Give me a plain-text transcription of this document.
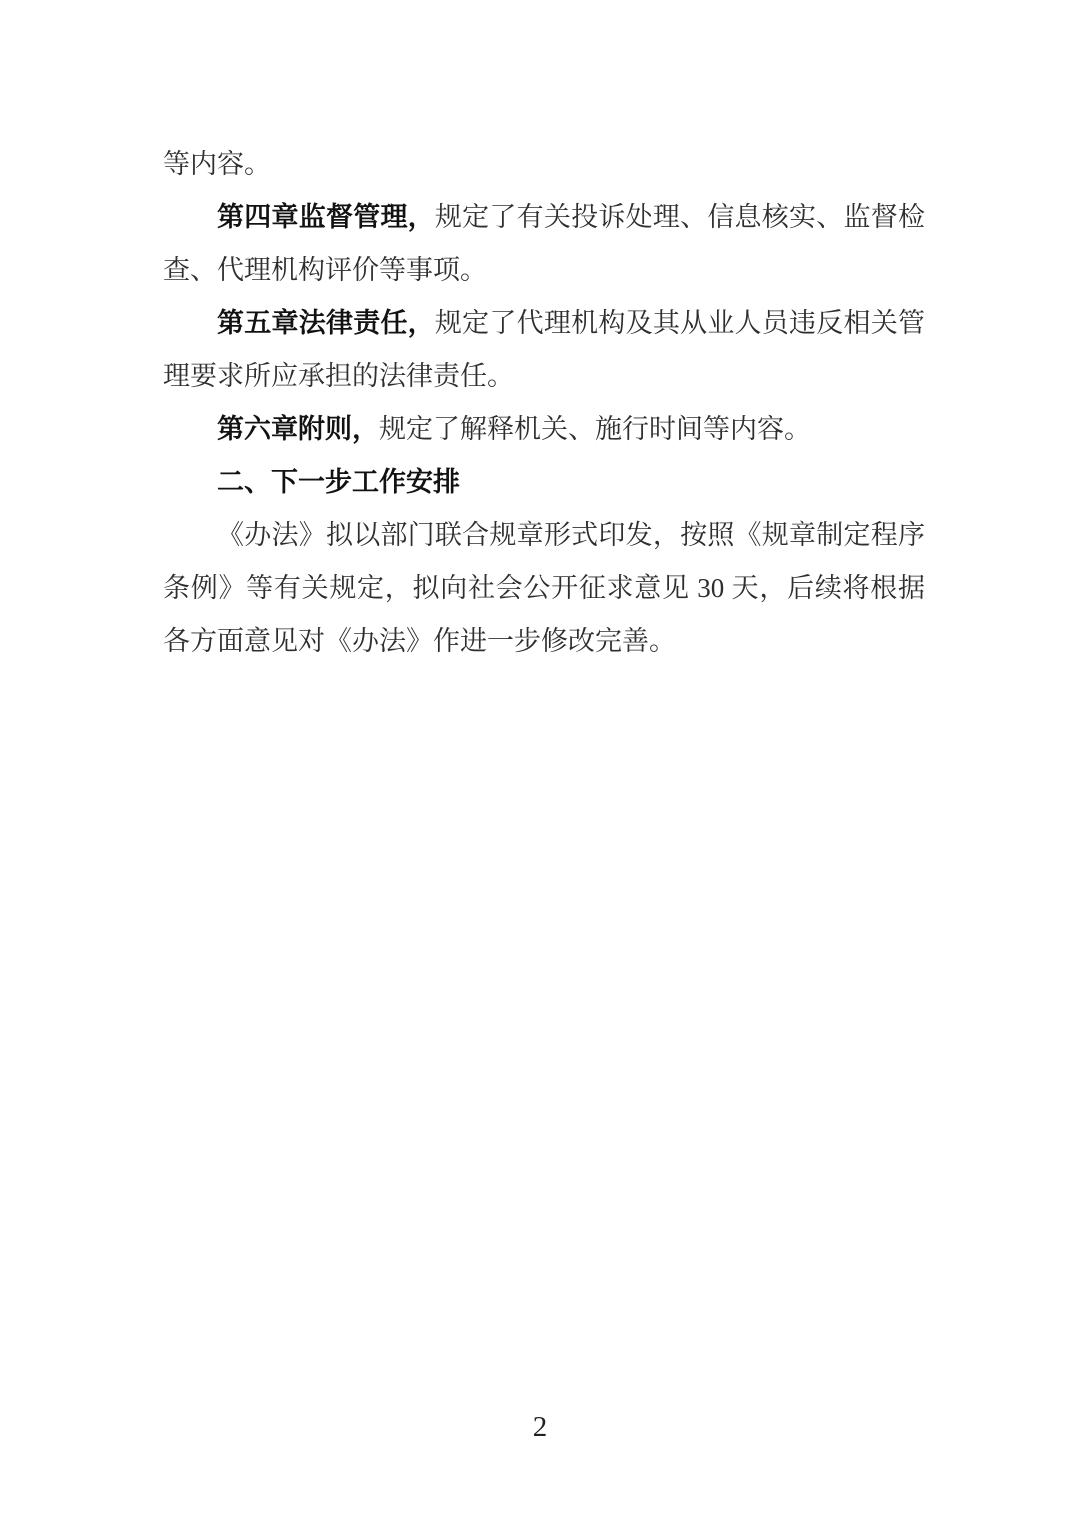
等内容。
第四章监督管理，规定了有关投诉处理、信息核实、监督检
查、代理机构评价等事项。
第五章法律责任，规定了代理机构及其从业人员违反相关管
理要求所应承担的法律责任。
第六章附则，规定了解释机关、施行时间等内容。
二、下一步工作安排
《办法》拟以部门联合规章形式印发，按照《规章制定程序
条例》等有关规定，拟向社会公开征求意见 30 天，后续将根据
各方面意见对《办法》作进一步修改完善。
2
